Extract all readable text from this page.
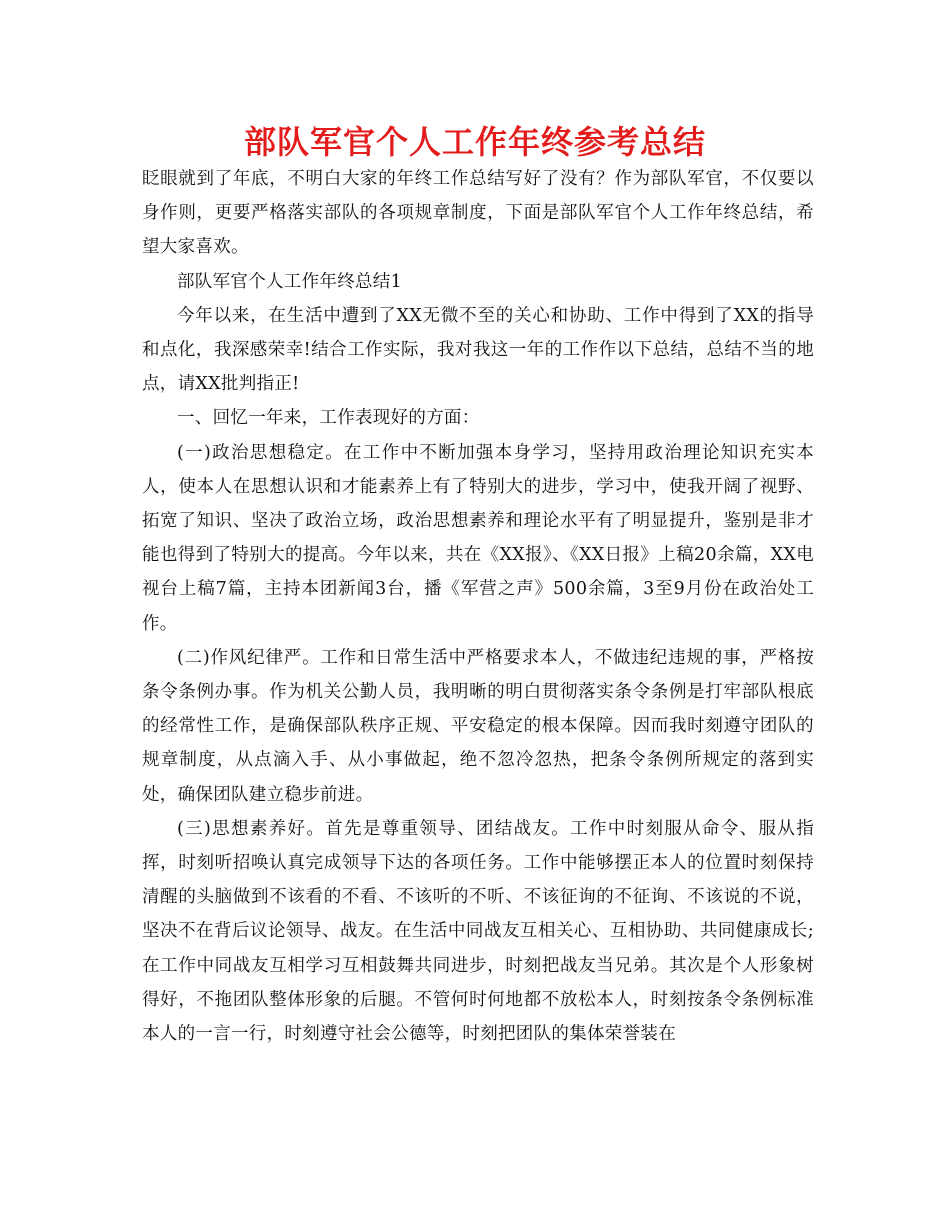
部队军官个人工作年终参考总结

眨眼就到了年底，不明白大家的年终工作总结写好了没有？作为部队军官，不仅要以身作则，更要严格落实部队的各项规章制度，下面是部队军官个人工作年终总结，希望大家喜欢。

部队军官个人工作年终总结1

今年以来，在生活中遭到了XX无微不至的关心和协助、工作中得到了XX的指导和点化，我深感荣幸!结合工作实际，我对我这一年的工作作以下总结，总结不当的地点，请XX批判指正!

一、回忆一年来，工作表现好的方面：

(一)政治思想稳定。在工作中不断加强本身学习，坚持用政治理论知识充实本人，使本人在思想认识和才能素养上有了特别大的进步，学习中，使我开阔了视野、拓宽了知识、坚决了政治立场，政治思想素养和理论水平有了明显提升，鉴别是非才能也得到了特别大的提高。今年以来，共在《XX报》、《XX日报》上稿20余篇，XX电视台上稿7篇，主持本团新闻3台，播《军营之声》500余篇，3至9月份在政治处工作。

(二)作风纪律严。工作和日常生活中严格要求本人，不做违纪违规的事，严格按条令条例办事。作为机关公勤人员，我明晰的明白贯彻落实条令条例是打牢部队根底的经常性工作，是确保部队秩序正规、平安稳定的根本保障。因而我时刻遵守团队的规章制度，从点滴入手、从小事做起，绝不忽冷忽热，把条令条例所规定的落到实处，确保团队建立稳步前进。

(三)思想素养好。首先是尊重领导、团结战友。工作中时刻服从命令、服从指挥，时刻听招唤认真完成领导下达的各项任务。工作中能够摆正本人的位置时刻保持清醒的头脑做到不该看的不看、不该听的不听、不该征询的不征询、不该说的不说，坚决不在背后议论领导、战友。在生活中同战友互相关心、互相协助、共同健康成长;在工作中同战友互相学习互相鼓舞共同进步，时刻把战友当兄弟。其次是个人形象树得好，不拖团队整体形象的后腿。不管何时何地都不放松本人，时刻按条令条例标准本人的一言一行，时刻遵守社会公德等，时刻把团队的集体荣誉装在
